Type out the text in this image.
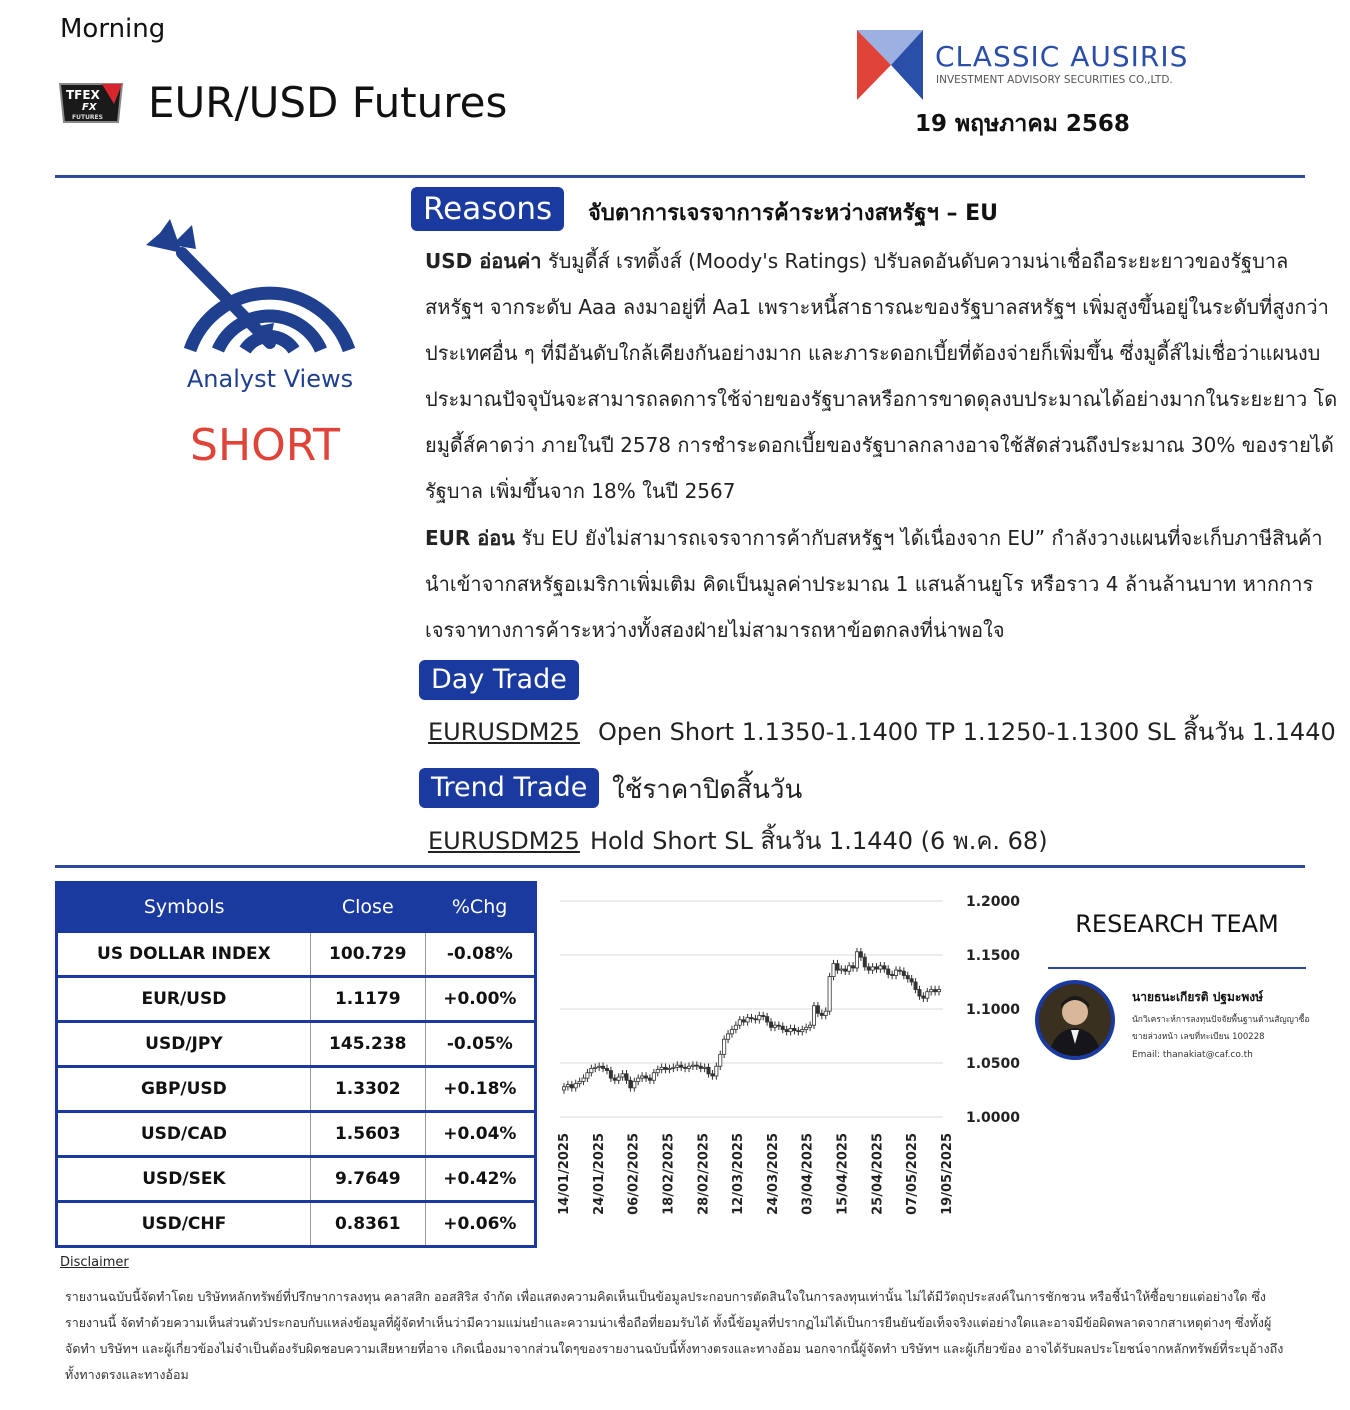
Morning
TFEX
FX
FUTURES EUR/USD Futures
CLASSIC AUSIRIS
INVESTMENT ADVISORY SECURITIES CO.,LTD.
19 พฤษภาคม 2568
Analyst Views
SHORT
Reasons	จับตาการเจรจาการค้าระหว่างสหรัฐฯ – EU
USD อ่อนค่า รับมูดี้ส์ เรทติ้งส์ (Moody's Ratings) ปรับลดอันดับความน่าเชื่อถือระยะยาวของรัฐบาลสหรัฐฯ จากระดับ Aaa ลงมาอยู่ที่ Aa1 เพราะหนี้สาธารณะของรัฐบาลสหรัฐฯ เพิ่มสูงขึ้นอยู่ในระดับที่สูงกว่าประเทศอื่น ๆ ที่มีอันดับใกล้เคียงกันอย่างมาก และภาระดอกเบี้ยที่ต้องจ่ายก็เพิ่มขึ้น ซึ่งมูดี้ส์ไม่เชื่อว่าแผนงบประมาณปัจจุบันจะสามารถลดการใช้จ่ายของรัฐบาลหรือการขาดดุลงบประมาณได้อย่างมากในระยะยาว โดยมูดี้ส์คาดว่า ภายในปี 2578 การชำระดอกเบี้ยของรัฐบาลกลางอาจใช้สัดส่วนถึงประมาณ 30% ของรายได้รัฐบาล เพิ่มขึ้นจาก 18% ในปี 2567
EUR อ่อน รับ EU ยังไม่สามารถเจรจาการค้ากับสหรัฐฯ ได้เนื่องจาก EU” กำลังวางแผนที่จะเก็บภาษีสินค้านำเข้าจากสหรัฐอเมริกาเพิ่มเติม คิดเป็นมูลค่าประมาณ 1 แสนล้านยูโร หรือราว 4 ล้านล้านบาท หากการเจรจาทางการค้าระหว่างทั้งสองฝ่ายไม่สามารถหาข้อตกลงที่น่าพอใจ
Day Trade
EURUSDM25 Open Short 1.1350-1.1400 TP 1.1250-1.1300 SL สิ้นวัน 1.1440
Trend Trade ใช้ราคาปิดสิ้นวัน
EURUSDM25 Hold Short SL สิ้นวัน 1.1440 (6 พ.ค. 68)
Symbols	Close	%Chg
US DOLLAR INDEX	100.729	-0.08%
EUR/USD	1.1179	+0.00%
USD/JPY	145.238	-0.05%
GBP/USD	1.3302	+0.18%
USD/CAD	1.5603	+0.04%
USD/SEK	9.7649	+0.42%
USD/CHF	0.8361	+0.06%
1.2000
1.1500
1.1000
1.0500
1.0000
14/01/2025 24/01/2025 06/02/2025 18/02/2025 28/02/2025 12/03/2025 24/03/2025 03/04/2025 15/04/2025 25/04/2025 07/05/2025 19/05/2025
RESEARCH TEAM
นายธนะเกียรติ ปฐมะพงษ์
นักวิเคราะห์การลงทุนปัจจัยพื้นฐานด้านสัญญาซื้อ
ขายล่วงหน้า เลขที่ทะเบียน 100228
Email: thanakiat@caf.co.th
Disclaimer
รายงานฉบับนี้จัดทำโดย บริษัทหลักทรัพย์ที่ปรึกษาการลงทุน คลาสสิก ออสสิริส จำกัด เพื่อแสดงความคิดเห็นเป็นข้อมูลประกอบการตัดสินใจในการลงทุนเท่านั้น ไม่ได้มีวัตถุประสงค์ในการชักชวน หรือชี้นำให้ซื้อขายแต่อย่างใด ซึ่งรายงานนี้ จัดทำด้วยความเห็นส่วนตัวประกอบกับแหล่งข้อมูลที่ผู้จัดทำเห็นว่ามีความแม่นยำและความน่าเชื่อถือที่ยอมรับได้ ทั้งนี้ข้อมูลที่ปรากฏไม่ได้เป็นการยืนยันข้อเท็จจริงแต่อย่างใดและอาจมีข้อผิดพลาดจากสาเหตุต่างๆ ซึ่งทั้งผู้จัดทำ บริษัทฯ และผู้เกี่ยวข้องไม่จำเป็นต้องรับผิดชอบความเสียหายที่อาจ เกิดเนื่องมาจากส่วนใดๆของรายงานฉบับนี้ทั้งทางตรงและทางอ้อม นอกจากนี้ผู้จัดทำ บริษัทฯ และผู้เกี่ยวข้อง อาจได้รับผลประโยชน์จากหลักทรัพย์ที่ระบุอ้างถึงทั้งทางตรงและทางอ้อม
